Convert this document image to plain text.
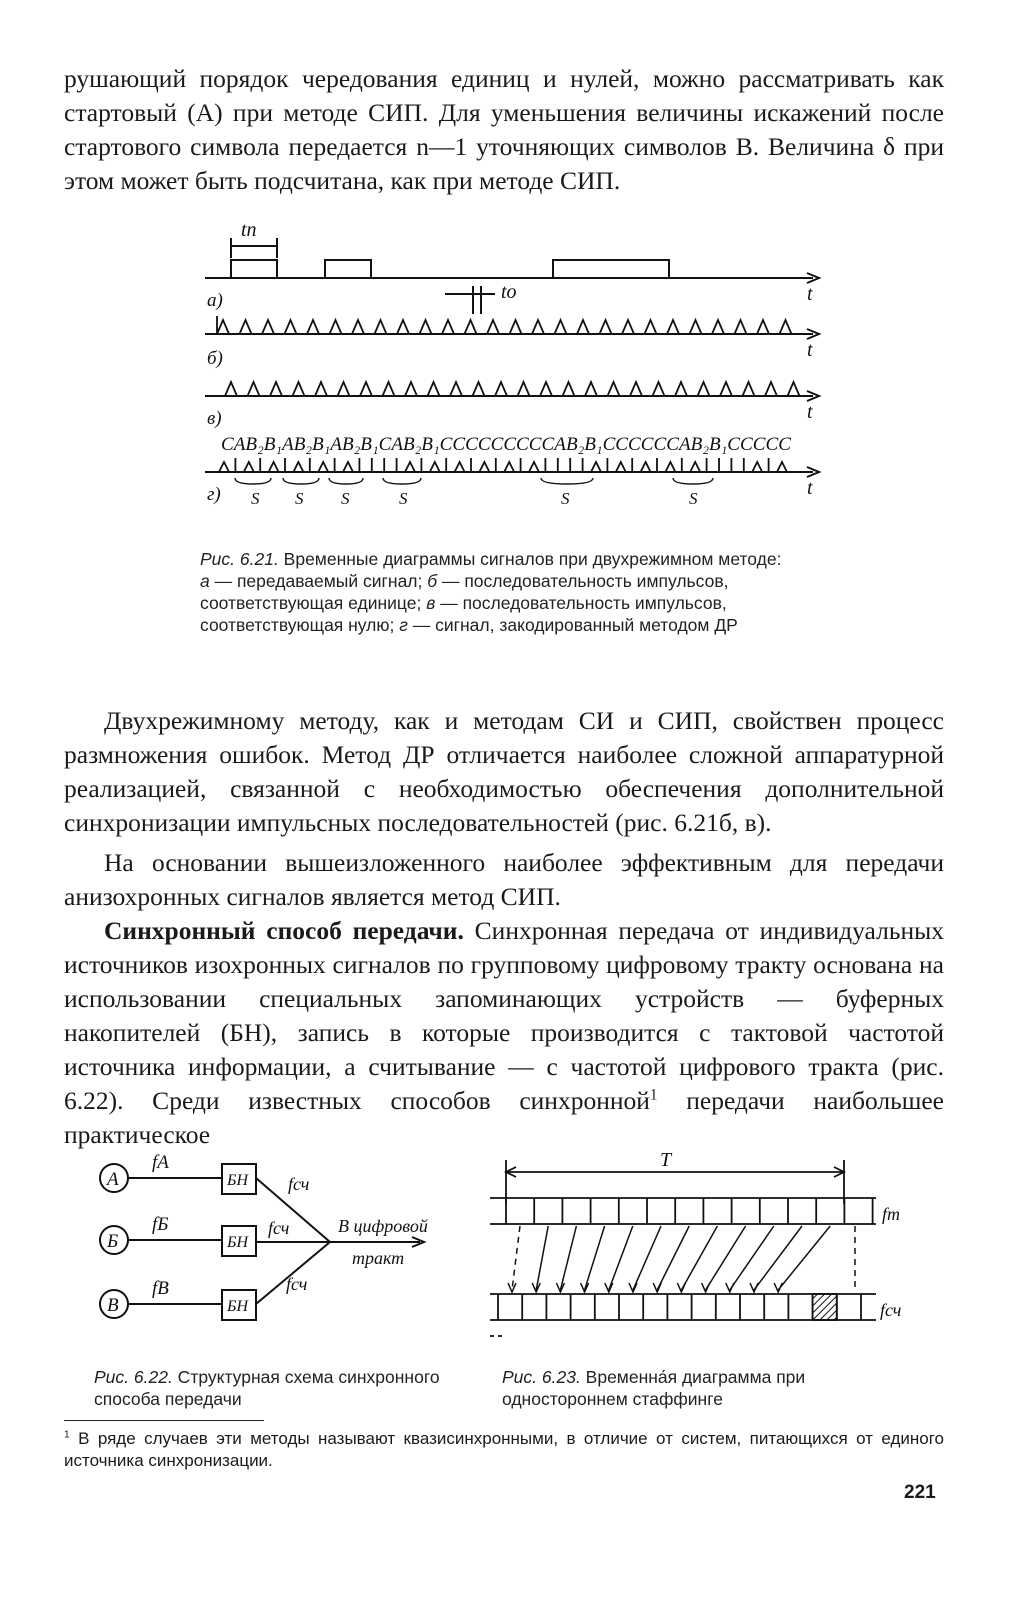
рушающий порядок чередования единиц и нулей, можно рассматривать как стартовый (A) при методе СИП. Для уменьшения величины искажений после стартового символа передается n—1 уточняющих символов B. Величина δ при этом может быть подсчитана, как при методе СИП.

tп
tо	t
t
t
t
а)
б)
в)
г)
CAB₂B₁AB₂B₁AB₂B₁CAB₂B₁CCCCCCCCCAB₂B₁CCCCCCAB₂B₁CCCCC
S S S	S	S	S

Рис. 6.21. Временные диаграммы сигналов при двухрежимном методе:
а — передаваемый сигнал; б — последовательность импульсов, соответствующая единице; в — последовательность импульсов, соответствующая нулю; г — сигнал, закодированный методом ДР

Двухрежимному методу, как и методам СИ и СИП, свойствен процесс размножения ошибок. Метод ДР отличается наиболее сложной аппаратурной реализацией, связанной с необходимостью обеспечения дополнительной синхронизации импульсных последовательностей (рис. 6.21б, в).

На основании вышеизложенного наиболее эффективным для передачи анизохронных сигналов является метод СИП.

Синхронный способ передачи. Синхронная передача от индивидуальных источников изохронных сигналов по групповому цифровому тракту основана на использовании специальных запоминающих устройств — буферных накопителей (БН), запись в которые производится с тактовой частотой источника информации, а считывание — с частотой цифрового тракта (рис. 6.22). Среди известных способов синхронной$^1$ передачи наибольшее практическое

А
Б
В
fА
fБ
fВ
БН
БН
БН
fсч
fсч
fсч
В цифровой
тракт

Рис. 6.22. Структурная схема синхронного способа передачи

T
fт
fсч

Рис. 6.23. Временна́я диаграмма при одностороннем стаффинге

$^1$ В ряде случаев эти методы называют квазисинхронными, в отличие от систем, питающихся от единого источника синхронизации.

221
